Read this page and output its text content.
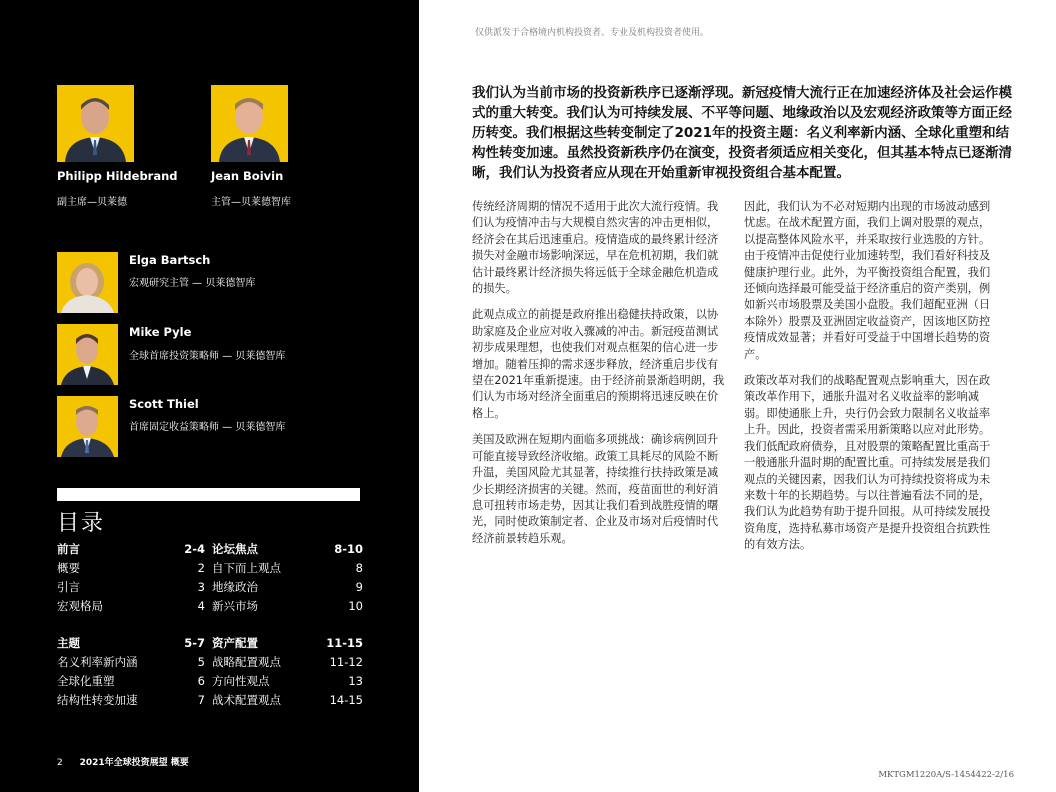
Philipp Hildebrand
副主席—贝莱德
Jean Boivin
主管—贝莱德智库
Elga Bartsch
宏观研究主管 — 贝莱德智库
Mike Pyle
全球首席投资策略师 — 贝莱德智库
Scott Thiel
首席固定收益策略师 — 贝莱德智库
目录
前言	2-4
概要	2
引言	3
宏观格局	4
主题	5-7
名义利率新内涵	5
全球化重塑	6
结构性转变加速	7
论坛焦点	8-10
自下而上观点	8
地缘政治	9
新兴市场	10
资产配置	11-15
战略配置观点	11-12
方向性观点	13
战术配置观点	14-15
2 2021年全球投资展望 概要
仅供派发于合格境内机构投资者、专业及机构投资者使用。
我们认为当前市场的投资新秩序已逐渐浮现。新冠疫情大流行正在加速经济体及社会运作模式的重大转变。我们认为可持续发展、不平等问题、地缘政治以及宏观经济政策等方面正经历转变。我们根据这些转变制定了2021年的投资主题：名义利率新内涵、全球化重塑和结构性转变加速。虽然投资新秩序仍在演变，投资者须适应相关变化，但其基本特点已逐渐清晰，我们认为投资者应从现在开始重新审视投资组合基本配置。

传统经济周期的情况不适用于此次大流行疫情。我们认为疫情冲击与大规模自然灾害的冲击更相似，经济会在其后迅速重启。疫情造成的最终累计经济损失对金融市场影响深远，早在危机初期，我们就估计最终累计经济损失将远低于全球金融危机造成的损失。

此观点成立的前提是政府推出稳健扶持政策，以协助家庭及企业应对收入骤减的冲击。新冠疫苗测试初步成果理想，也使我们对观点框架的信心进一步增加。随着压抑的需求逐步释放，经济重启步伐有望在2021年重新提速。由于经济前景渐趋明朗，我们认为市场对经济全面重启的预期将迅速反映在价格上。

美国及欧洲在短期内面临多项挑战：确诊病例回升可能直接导致经济收缩。政策工具耗尽的风险不断升温，美国风险尤其显著，持续推行扶持政策是减少长期经济损害的关键。然而，疫苗面世的利好消息可扭转市场走势，因其让我们看到战胜疫情的曙光，同时使政策制定者、企业及市场对后疫情时代经济前景转趋乐观。

因此，我们认为不必对短期内出现的市场波动感到忧虑。在战术配置方面，我们上调对股票的观点，以提高整体风险水平，并采取按行业选股的方针。由于疫情冲击促使行业加速转型，我们看好科技及健康护理行业。此外，为平衡投资组合配置，我们还倾向选择最可能受益于经济重启的资产类别，例如新兴市场股票及美国小盘股。我们超配亚洲（日本除外）股票及亚洲固定收益资产，因该地区防控疫情成效显著；并看好可受益于中国增长趋势的资产。

政策改革对我们的战略配置观点影响重大，因在政策改革作用下，通胀升温对名义收益率的影响减弱。即使通胀上升，央行仍会致力限制名义收益率上升。因此，投资者需采用新策略以应对此形势。我们低配政府债券，且对股票的策略配置比重高于一般通胀升温时期的配置比重。可持续发展是我们观点的关键因素，因我们认为可持续投资将成为未来数十年的长期趋势。与以往普遍看法不同的是，我们认为此趋势有助于提升回报。从可持续发展投资角度，选持私募市场资产是提升投资组合抗跌性的有效方法。

MKTGM1220A/S-1454422-2/16
